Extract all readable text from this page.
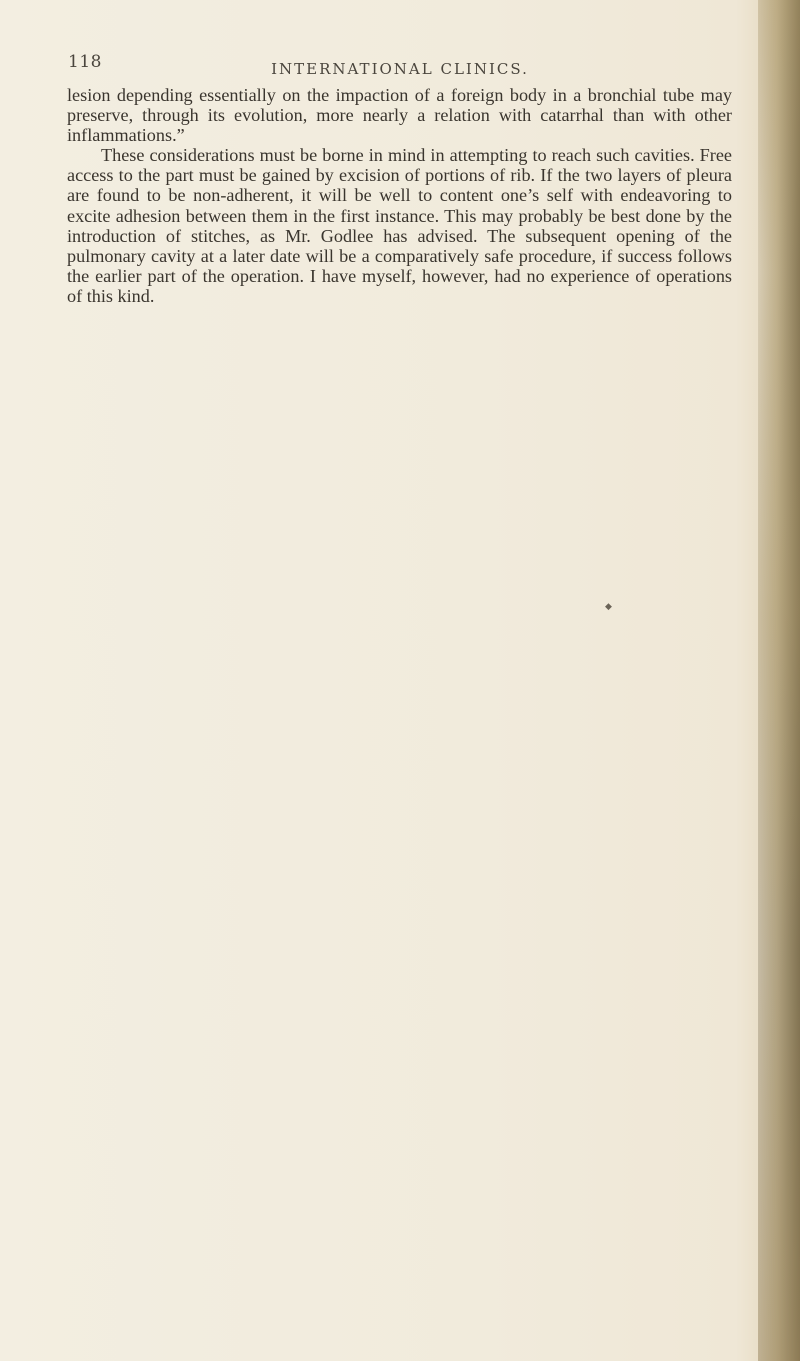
118	INTERNATIONAL CLINICS.

lesion depending essentially on the impaction of a foreign body in a bronchial tube may preserve, through its evolution, more nearly a relation with catarrhal than with other inflammations.”

These considerations must be borne in mind in attempting to reach such cavities. Free access to the part must be gained by excision of portions of rib. If the two layers of pleura are found to be non-adherent, it will be well to content one’s self with endeavoring to excite adhesion between them in the first instance. This may probably be best done by the introduction of stitches, as Mr. Godlee has advised. The subsequent opening of the pulmonary cavity at a later date will be a comparatively safe procedure, if success follows the earlier part of the operation. I have myself, however, had no experience of operations of this kind.

◆
